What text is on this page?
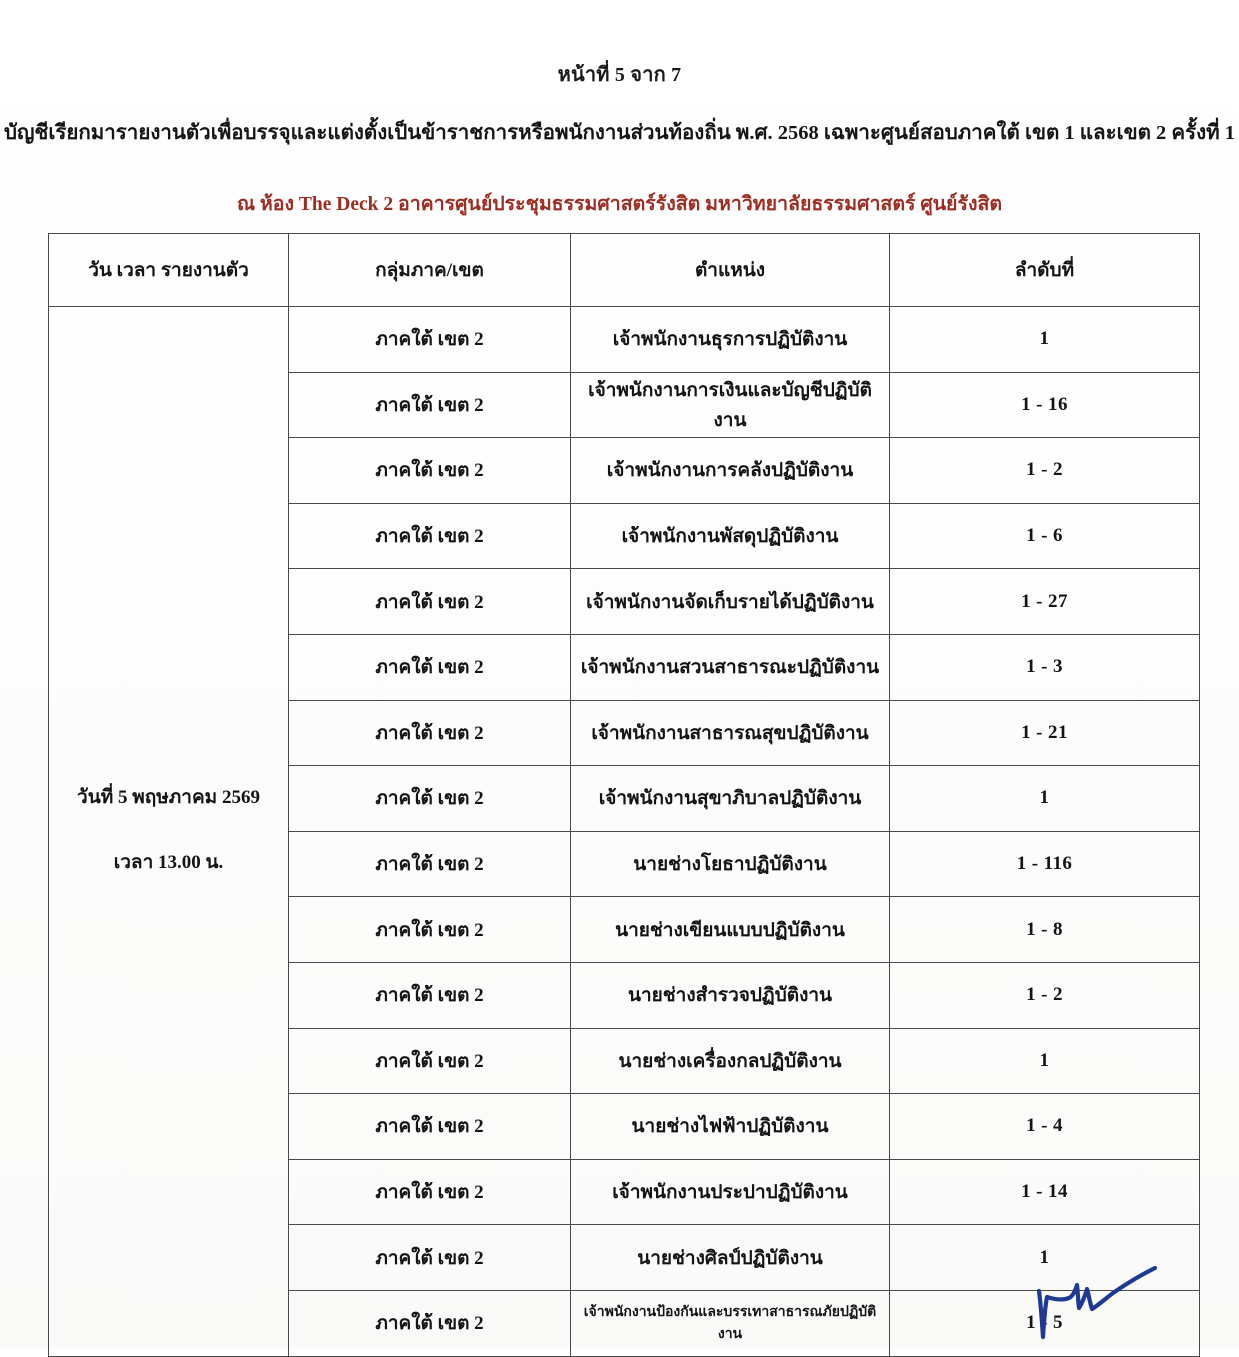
หน้าที่ 5 จาก 7
บัญชีเรียกมารายงานตัวเพื่อบรรจุและแต่งตั้งเป็นข้าราชการหรือพนักงานส่วนท้องถิ่น พ.ศ. 2568 เฉพาะศูนย์สอบภาคใต้ เขต 1 และเขต 2 ครั้งที่ 1
ณ ห้อง The Deck 2 อาคารศูนย์ประชุมธรรมศาสตร์รังสิต มหาวิทยาลัยธรรมศาสตร์ ศูนย์รังสิต
วัน เวลา รายงานตัว	กลุ่มภาค/เขต	ตำแหน่ง	ลำดับที่

วันที่ 5 พฤษภาคม 2569
เวลา 13.00 น.	ภาคใต้ เขต 2	เจ้าพนักงานธุรการปฏิบัติงาน	1
	ภาคใต้ เขต 2	เจ้าพนักงานการเงินและบัญชีปฏิบัติงาน	1 - 16
	ภาคใต้ เขต 2	เจ้าพนักงานการคลังปฏิบัติงาน	1 - 2
	ภาคใต้ เขต 2	เจ้าพนักงานพัสดุปฏิบัติงาน	1 - 6
	ภาคใต้ เขต 2	เจ้าพนักงานจัดเก็บรายได้ปฏิบัติงาน	1 - 27
	ภาคใต้ เขต 2	เจ้าพนักงานสวนสาธารณะปฏิบัติงาน	1 - 3
	ภาคใต้ เขต 2	เจ้าพนักงานสาธารณสุขปฏิบัติงาน	1 - 21
	ภาคใต้ เขต 2	เจ้าพนักงานสุขาภิบาลปฏิบัติงาน	1
	ภาคใต้ เขต 2	นายช่างโยธาปฏิบัติงาน	1 - 116
	ภาคใต้ เขต 2	นายช่างเขียนแบบปฏิบัติงาน	1 - 8
	ภาคใต้ เขต 2	นายช่างสำรวจปฏิบัติงาน	1 - 2
	ภาคใต้ เขต 2	นายช่างเครื่องกลปฏิบัติงาน	1
	ภาคใต้ เขต 2	นายช่างไฟฟ้าปฏิบัติงาน	1 - 4
	ภาคใต้ เขต 2	เจ้าพนักงานประปาปฏิบัติงาน	1 - 14
	ภาคใต้ เขต 2	นายช่างศิลป์ปฏิบัติงาน	1
	ภาคใต้ เขต 2	เจ้าพนักงานป้องกันและบรรเทาสาธารณภัยปฏิบัติงาน	1 - 5
